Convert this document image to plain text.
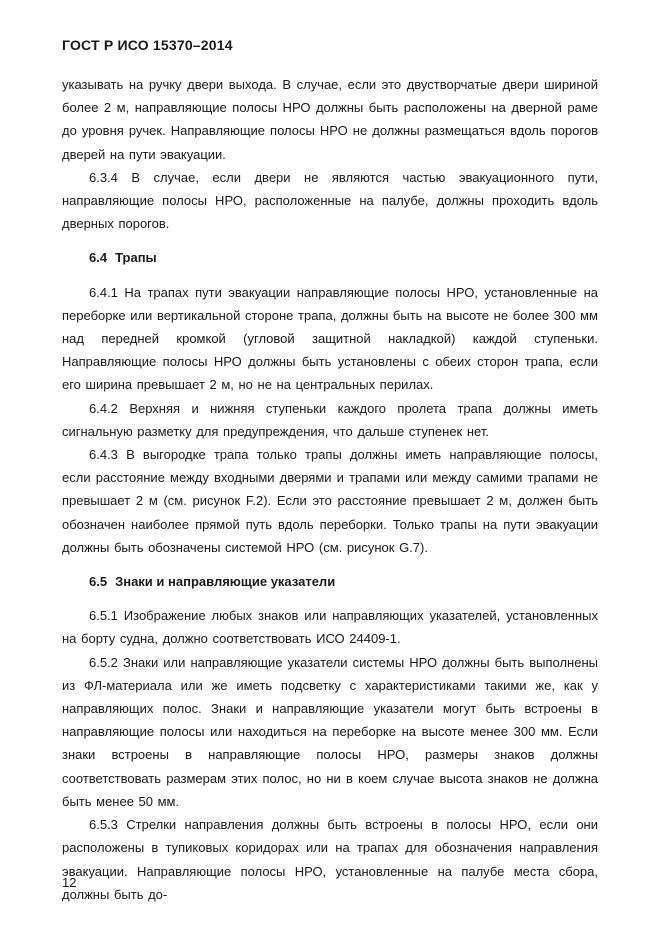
ГОСТ Р ИСО 15370–2014

указывать на ручку двери выхода. В случае, если это двустворчатые двери шириной более 2 м, направляющие полосы НРО должны быть расположены на дверной раме до уровня ручек. Направляющие полосы НРО не должны размещаться вдоль порогов дверей на пути эвакуации.

6.3.4 В случае, если двери не являются частью эвакуационного пути, направляющие полосы НРО, расположенные на палубе, должны проходить вдоль дверных порогов.

6.4 Трапы

6.4.1 На трапах пути эвакуации направляющие полосы НРО, установленные на переборке или вертикальной стороне трапа, должны быть на высоте не более 300 мм над передней кромкой (угловой защитной накладкой) каждой ступеньки. Направляющие полосы НРО должны быть установлены с обеих сторон трапа, если его ширина превышает 2 м, но не на центральных перилах.

6.4.2 Верхняя и нижняя ступеньки каждого пролета трапа должны иметь сигнальную разметку для предупреждения, что дальше ступенек нет.

6.4.3 В выгородке трапа только трапы должны иметь направляющие полосы, если расстояние между входными дверями и трапами или между самими трапами не превышает 2 м (см. рисунок F.2). Если это расстояние превышает 2 м, должен быть обозначен наиболее прямой путь вдоль переборки. Только трапы на пути эвакуации должны быть обозначены системой НРО (см. рисунок G.7).

6.5 Знаки и направляющие указатели

6.5.1 Изображение любых знаков или направляющих указателей, установленных на борту судна, должно соответствовать ИСО 24409-1.

6.5.2 Знаки или направляющие указатели системы НРО должны быть выполнены из ФЛ-материала или же иметь подсветку с характеристиками такими же, как у направляющих полос. Знаки и направляющие указатели могут быть встроены в направляющие полосы или находиться на переборке на высоте менее 300 мм. Если знаки встроены в направляющие полосы НРО, размеры знаков должны соответствовать размерам этих полос, но ни в коем случае высота знаков не должна быть менее 50 мм.

6.5.3 Стрелки направления должны быть встроены в полосы НРО, если они расположены в тупиковых коридорах или на трапах для обозначения направления эвакуации. Направляющие полосы НРО, установленные на палубе места сбора, должны быть до-

12
